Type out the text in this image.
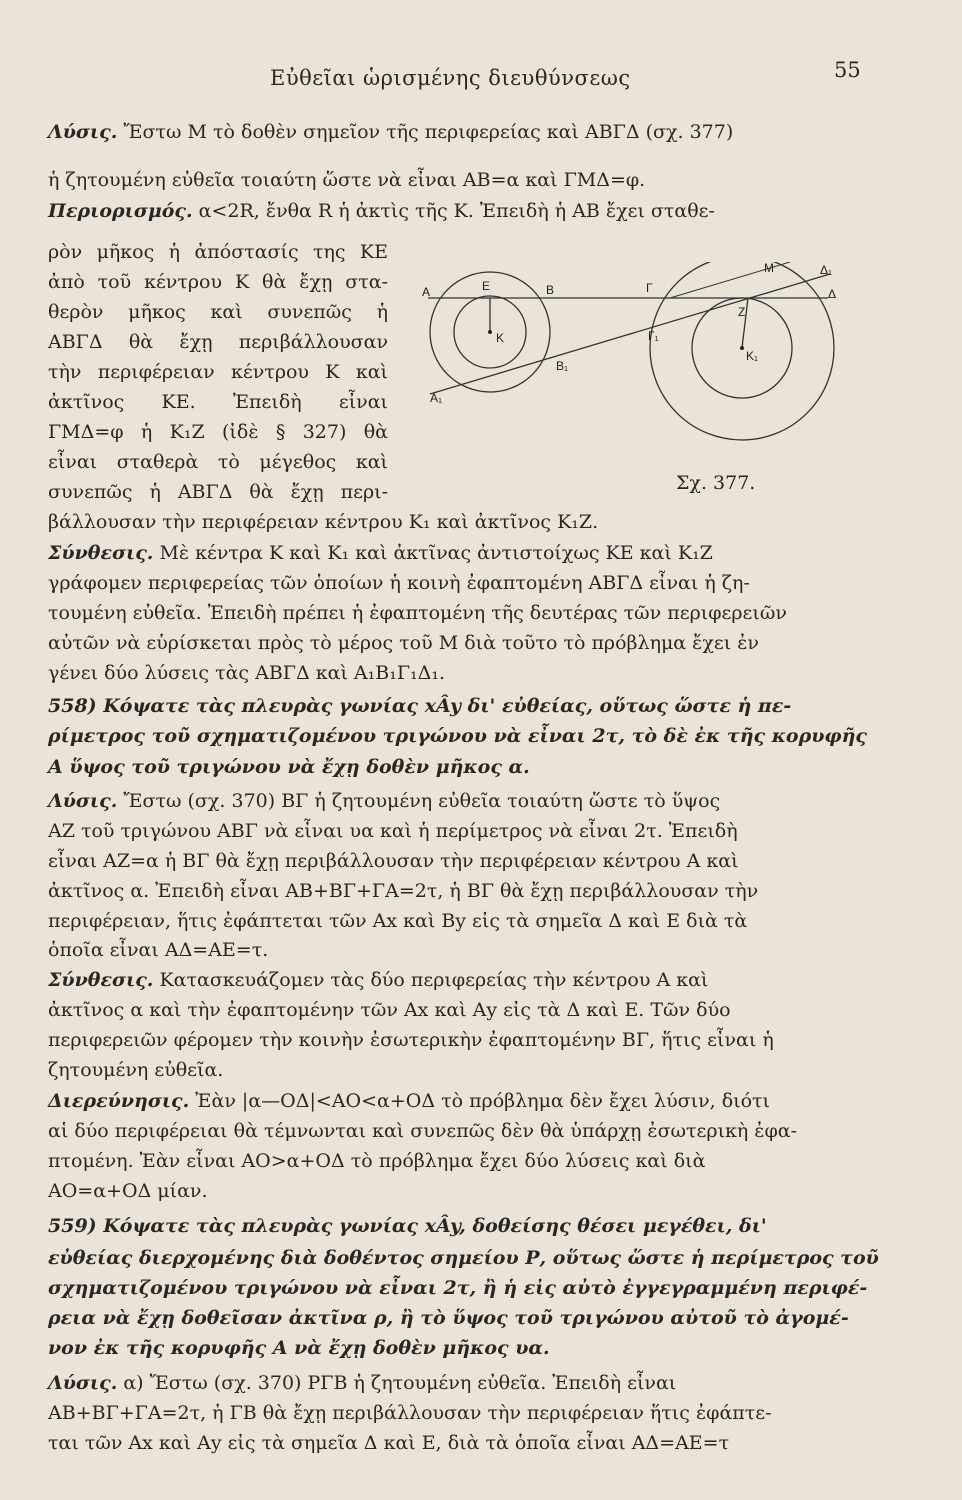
Εὐθεῖαι ὡρισμένης διευθύνσεως	55
A	E	B
K
B₁
A₁
Γ
M	Δ₁
Δ
Z
Γ₁
K₁
Σχ. 377.
Λύσις. Ἔστω Μ τὸ δοθὲν σημεῖον τῆς περιφερείας καὶ ΑΒΓΔ (σχ. 377)
ἡ ζητουμένη εὐθεῖα τοιαύτη ὥστε νὰ εἶναι ΑΒ=α καὶ ΓΜΔ=φ.
Περιορισμός. α<2R, ἔνθα R ἡ ἀκτὶς τῆς Κ. Ἐπειδὴ ἡ ΑΒ ἔχει σταθε-
ρὸν μῆκος ἡ ἀπόστασίς της ΚΕ
ἀπὸ τοῦ κέντρου Κ θὰ ἔχῃ στα-
θερὸν μῆκος καὶ συνεπῶς ἡ
ΑΒΓΔ θὰ ἔχῃ περιβάλλουσαν
τὴν περιφέρειαν κέντρου Κ καὶ
ἀκτῖνος ΚΕ. Ἐπειδὴ εἶναι
ΓΜΔ=φ ἡ Κ₁Ζ (ἰδὲ § 327) θὰ
εἶναι σταθερὰ τὸ μέγεθος καὶ
συνεπῶς ἡ ΑΒΓΔ θὰ ἔχῃ περι-
βάλλουσαν τὴν περιφέρειαν κέντρου Κ₁ καὶ ἀκτῖνος Κ₁Ζ.
Σύνθεσις. Μὲ κέντρα Κ καὶ Κ₁ καὶ ἀκτῖνας ἀντιστοίχως ΚΕ καὶ Κ₁Ζ
γράφομεν περιφερείας τῶν ὁποίων ἡ κοινὴ ἐφαπτομένη ΑΒΓΔ εἶναι ἡ ζη-
τουμένη εὐθεῖα. Ἐπειδὴ πρέπει ἡ ἐφαπτομένη τῆς δευτέρας τῶν περιφερειῶν
αὐτῶν νὰ εὑρίσκεται πρὸς τὸ μέρος τοῦ Μ διὰ τοῦτο τὸ πρόβλημα ἔχει ἐν
γένει δύο λύσεις τὰς ΑΒΓΔ καὶ Α₁Β₁Γ₁Δ₁.
558) Κόψατε τὰς πλευρὰς γωνίας xÂy δι' εὐθείας, οὕτως ὥστε ἡ πε-
ρίμετρος τοῦ σχηματιζομένου τριγώνου νὰ εἶναι 2τ, τὸ δὲ ἐκ τῆς κορυφῆς
Α ὕψος τοῦ τριγώνου νὰ ἔχῃ δοθὲν μῆκος α.
Λύσις. Ἔστω (σχ. 370) ΒΓ ἡ ζητουμένη εὐθεῖα τοιαύτη ὥστε τὸ ὕψος
ΑΖ τοῦ τριγώνου ΑΒΓ νὰ εἶναι υα καὶ ἡ περίμετρος νὰ εἶναι 2τ. Ἐπειδὴ
εἶναι ΑΖ=α ἡ ΒΓ θὰ ἔχῃ περιβάλλουσαν τὴν περιφέρειαν κέντρου Α καὶ
ἀκτῖνος α. Ἐπειδὴ εἶναι ΑΒ+ΒΓ+ΓΑ=2τ, ἡ ΒΓ θὰ ἔχῃ περιβάλλουσαν τὴν
περιφέρειαν, ἥτις ἐφάπτεται τῶν Αx καὶ Βy εἰς τὰ σημεῖα Δ καὶ Ε διὰ τὰ
ὁποῖα εἶναι ΑΔ=ΑΕ=τ.
Σύνθεσις. Κατασκευάζομεν τὰς δύο περιφερείας τὴν κέντρου Α καὶ
ἀκτῖνος α καὶ τὴν ἐφαπτομένην τῶν Αx καὶ Αy εἰς τὰ Δ καὶ Ε. Τῶν δύο
περιφερειῶν φέρομεν τὴν κοινὴν ἐσωτερικὴν ἐφαπτομένην ΒΓ, ἥτις εἶναι ἡ
ζητουμένη εὐθεῖα.
Διερεύνησις. Ἐὰν |α—ΟΔ|<ΑΟ<α+ΟΔ τὸ πρόβλημα δὲν ἔχει λύσιν, διότι
αἱ δύο περιφέρειαι θὰ τέμνωνται καὶ συνεπῶς δὲν θὰ ὑπάρχῃ ἐσωτερικὴ ἐφα-
πτομένη. Ἐὰν εἶναι ΑΟ>α+ΟΔ τὸ πρόβλημα ἔχει δύο λύσεις καὶ διὰ
ΑΟ=α+ΟΔ μίαν.
559) Κόψατε τὰς πλευρὰς γωνίας xÂy, δοθείσης θέσει μεγέθει, δι'
εὐθείας διερχομένης διὰ δοθέντος σημείου Ρ, οὕτως ὥστε ἡ περίμετρος τοῦ
σχηματιζομένου τριγώνου νὰ εἶναι 2τ, ἢ ἡ εἰς αὐτὸ ἐγγεγραμμένη περιφέ-
ρεια νὰ ἔχῃ δοθεῖσαν ἀκτῖνα ρ, ἢ τὸ ὕψος τοῦ τριγώνου αὐτοῦ τὸ ἀγομέ-
νον ἐκ τῆς κορυφῆς Α νὰ ἔχῃ δοθὲν μῆκος υα.
Λύσις. α) Ἔστω (σχ. 370) ΡΓΒ ἡ ζητουμένη εὐθεῖα. Ἐπειδὴ εἶναι
ΑΒ+ΒΓ+ΓΑ=2τ, ἡ ΓΒ θὰ ἔχῃ περιβάλλουσαν τὴν περιφέρειαν ἥτις ἐφάπτε-
ται τῶν Αx καὶ Αy εἰς τὰ σημεῖα Δ καὶ Ε, διὰ τὰ ὁποῖα εἶναι ΑΔ=ΑΕ=τ
